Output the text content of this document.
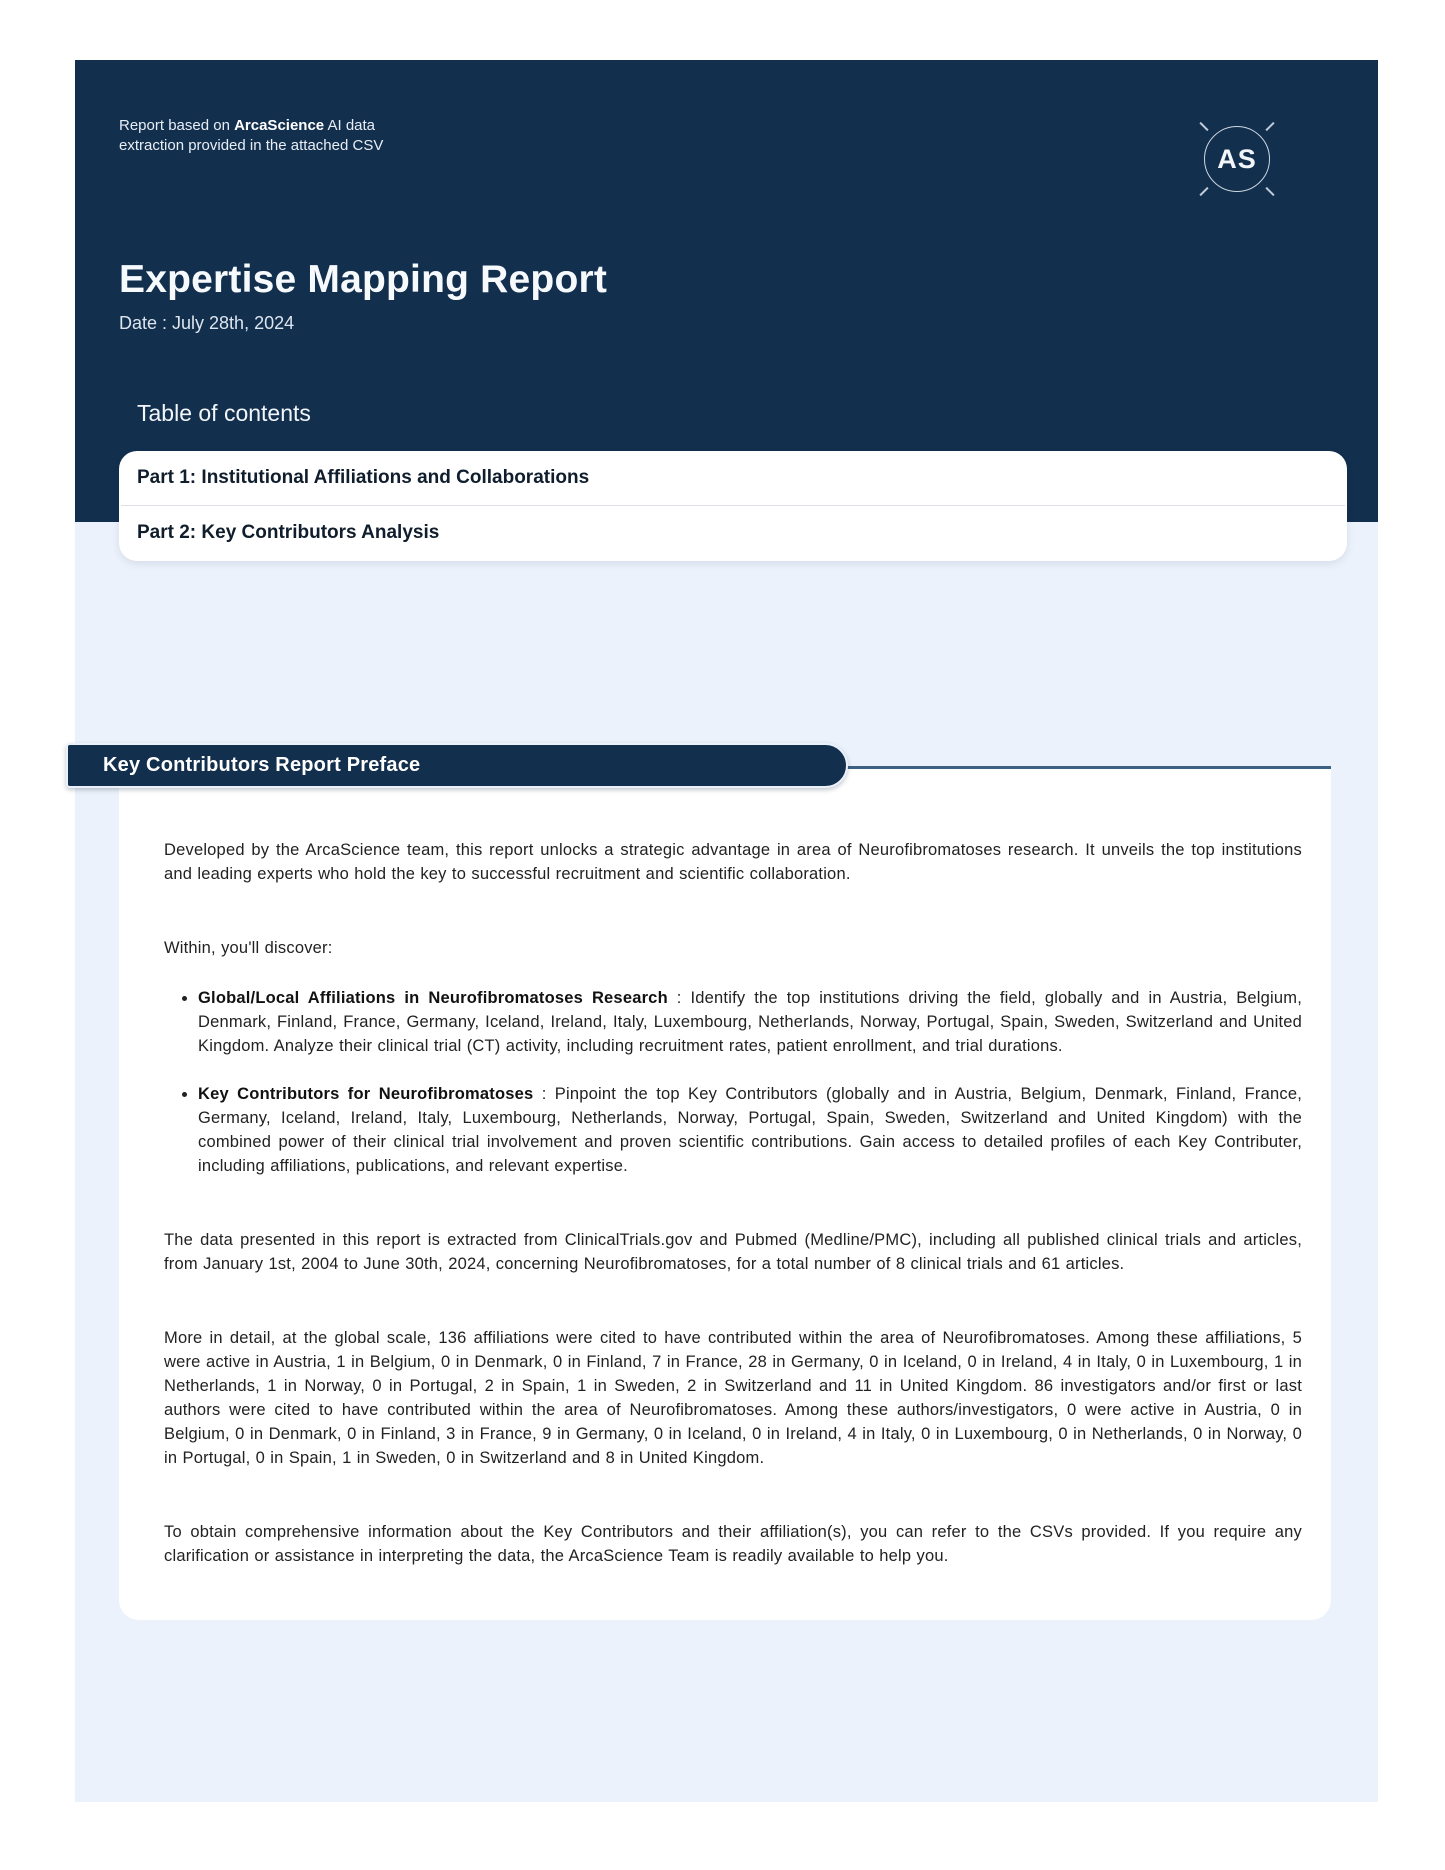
Report based on ArcaScience AI data extraction provided in the attached CSV	AS
Expertise Mapping Report
Date : July 28th, 2024
Table of contents
Part 1: Institutional Affiliations and Collaborations
Part 2: Key Contributors Analysis

Developed by the ArcaScience team, this report unlocks a strategic advantage in area of Neurofibromatoses research. It unveils the top institutions and leading experts who hold the key to successful recruitment and scientific collaboration.

Within, you'll discover:

• Global/Local Affiliations in Neurofibromatoses Research : Identify the top institutions driving the field, globally and in Austria, Belgium, Denmark, Finland, France, Germany, Iceland, Ireland, Italy, Luxembourg, Netherlands, Norway, Portugal, Spain, Sweden, Switzerland and United Kingdom. Analyze their clinical trial (CT) activity, including recruitment rates, patient enrollment, and trial durations.
• Key Contributors for Neurofibromatoses : Pinpoint the top Key Contributors (globally and in Austria, Belgium, Denmark, Finland, France, Germany, Iceland, Ireland, Italy, Luxembourg, Netherlands, Norway, Portugal, Spain, Sweden, Switzerland and United Kingdom) with the combined power of their clinical trial involvement and proven scientific contributions. Gain access to detailed profiles of each Key Contributer, including affiliations, publications, and relevant expertise.

The data presented in this report is extracted from ClinicalTrials.gov and Pubmed (Medline/PMC), including all published clinical trials and articles, from January 1st, 2004 to June 30th, 2024, concerning Neurofibromatoses, for a total number of 8 clinical trials and 61 articles.

More in detail, at the global scale, 136 affiliations were cited to have contributed within the area of Neurofibromatoses. Among these affiliations, 5 were active in Austria, 1 in Belgium, 0 in Denmark, 0 in Finland, 7 in France, 28 in Germany, 0 in Iceland, 0 in Ireland, 4 in Italy, 0 in Luxembourg, 1 in Netherlands, 1 in Norway, 0 in Portugal, 2 in Spain, 1 in Sweden, 2 in Switzerland and 11 in United Kingdom. 86 investigators and/or first or last authors were cited to have contributed within the area of Neurofibromatoses. Among these authors/investigators, 0 were active in Austria, 0 in Belgium, 0 in Denmark, 0 in Finland, 3 in France, 9 in Germany, 0 in Iceland, 0 in Ireland, 4 in Italy, 0 in Luxembourg, 0 in Netherlands, 0 in Norway, 0 in Portugal, 0 in Spain, 1 in Sweden, 0 in Switzerland and 8 in United Kingdom.

To obtain comprehensive information about the Key Contributors and their affiliation(s), you can refer to the CSVs provided. If you require any clarification or assistance in interpreting the data, the ArcaScience Team is readily available to help you.

Key Contributors Report Preface
